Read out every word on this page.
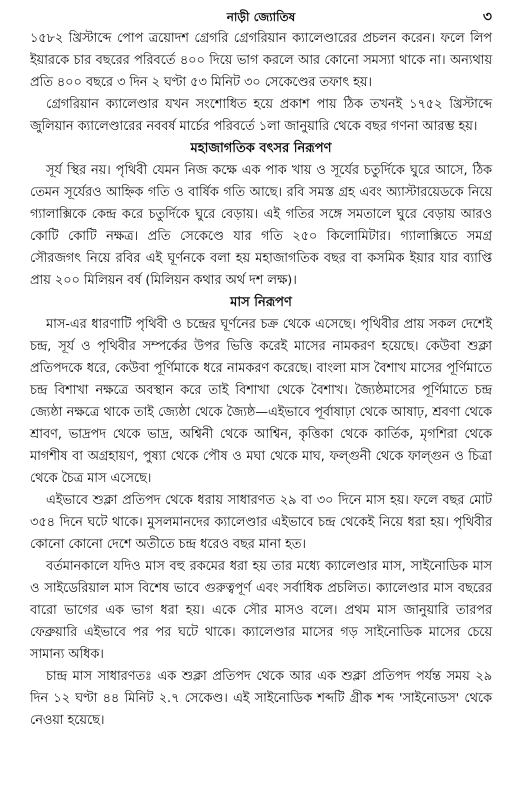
নাড়ী জ্যোতিষ	৩

১৫৮২ খ্রিস্টাব্দে পোপ ত্রয়োদশ গ্রেগরি গ্রেগরিয়ান ক্যালেণ্ডারের প্রচলন করেন। ফলে লিপ ইয়ারকে চার বছরের পরিবর্তে ৪০০ দিয়ে ভাগ করলে আর কোনো সমস্যা থাকে না। অন্যথায় প্রতি ৪০০ বছরে ৩ দিন ২ ঘণ্টা ৫৩ মিনিট ৩০ সেকেণ্ডের তফাৎ হয়।

গ্রেগরিয়ান ক্যালেণ্ডার যখন সংশোধিত হয়ে প্রকাশ পায় ঠিক তখনই ১৭৫২ খ্রিস্টাব্দে জুলিয়ান ক্যালেণ্ডারের নববর্ষ মার্চের পরিবর্তে ১লা জানুয়ারি থেকে বছর গণনা আরম্ভ হয়।

মহাজাগতিক বৎসর নিরূপণ

সূর্য স্থির নয়। পৃথিবী যেমন নিজ কক্ষে এক পাক খায় ও সূর্যের চতুর্দিকে ঘুরে আসে, ঠিক তেমন সূর্যেরও আহ্নিক গতি ও বার্ষিক গতি আছে। রবি সমস্ত গ্রহ এবং অ্যাস্টারয়েডকে নিয়ে গ্যালাক্সিকে কেন্দ্র করে চতুর্দিকে ঘুরে বেড়ায়। এই গতির সঙ্গে সমতালে ঘুরে বেড়ায় আরও কোটি কোটি নক্ষত্র। প্রতি সেকেণ্ডে যার গতি ২৫০ কিলোমিটার। গ্যালাক্সিতে সমগ্র সৌরজগৎ নিয়ে রবির এই ঘূর্ণনকে বলা হয় মহাজাগতিক বছর বা কসমিক ইয়ার যার ব্যাপ্তি প্রায় ২০০ মিলিয়ন বর্ষ (মিলিয়ন কথার অর্থ দশ লক্ষ)।

মাস নিরূপণ

মাস-এর ধারণাটি পৃথিবী ও চন্দ্রের ঘূর্ণনের চক্র থেকে এসেছে। পৃথিবীর প্রায় সকল দেশেই চন্দ্র, সূর্য ও পৃথিবীর সম্পর্কের উপর ভিত্তি করেই মাসের নামকরণ হয়েছে। কেউবা শুক্লা প্রতিপদকে ধরে, কেউবা পূর্ণিমাকে ধরে নামকরণ করেছে। বাংলা মাস বৈশাখ মাসের পূর্ণিমাতে চন্দ্র বিশাখা নক্ষত্রে অবস্থান করে তাই বিশাখা থেকে বৈশাখ। জ্যৈষ্ঠমাসের পূর্ণিমাতে চন্দ্র জ্যেষ্ঠা নক্ষত্রে থাকে তাই জ্যেষ্ঠা থেকে জ্যৈষ্ঠ—এইভাবে পূর্বাষাঢ়া থেকে আষাঢ়, শ্রবণা থেকে শ্রাবণ, ভাদ্রপদ থেকে ভাদ্র, অশ্বিনী থেকে আশ্বিন, কৃত্তিকা থেকে কার্তিক, মৃগশিরা থেকে মাগশীষ বা অগ্রহায়ণ, পুষ্যা থেকে পৌষ ও মঘা থেকে মাঘ, ফল্গুনী থেকে ফাল্গুন ও চিত্রা থেকে চৈত্র মাস এসেছে।

এইভাবে শুক্লা প্রতিপদ থেকে ধরায় সাধারণত ২৯ বা ৩০ দিনে মাস হয়। ফলে বছর মোট ৩৫৪ দিনে ঘটে থাকে। মুসলমানদের ক্যালেণ্ডার এইভাবে চন্দ্র থেকেই নিয়ে ধরা হয়। পৃথিবীর কোনো কোনো দেশে অতীতে চন্দ্র ধরেও বছর মানা হত।

বর্তমানকালে যদিও মাস বহু রকমের ধরা হয় তার মধ্যে ক্যালেণ্ডার মাস, সাইনোডিক মাস ও সাইডেরিয়াল মাস বিশেষ ভাবে গুরুত্বপূর্ণ এবং সর্বাধিক প্রচলিত। ক্যালেণ্ডার মাস বছরের বারো ভাগের এক ভাগ ধরা হয়। একে সৌর মাসও বলে। প্রথম মাস জানুয়ারি তারপর ফেব্রুয়ারি এইভাবে পর পর ঘটে থাকে। ক্যালেণ্ডার মাসের গড় সাইনোডিক মাসের চেয়ে সামান্য অধিক।

চান্দ্র মাস সাধারণতঃ এক শুক্লা প্রতিপদ থেকে আর এক শুক্লা প্রতিপদ পর্যন্ত সময় ২৯ দিন ১২ ঘণ্টা ৪৪ মিনিট ২.৭ সেকেণ্ড। এই সাইনোডিক শব্দটি গ্রীক শব্দ 'সাইনোডস' থেকে নেওয়া হয়েছে।
